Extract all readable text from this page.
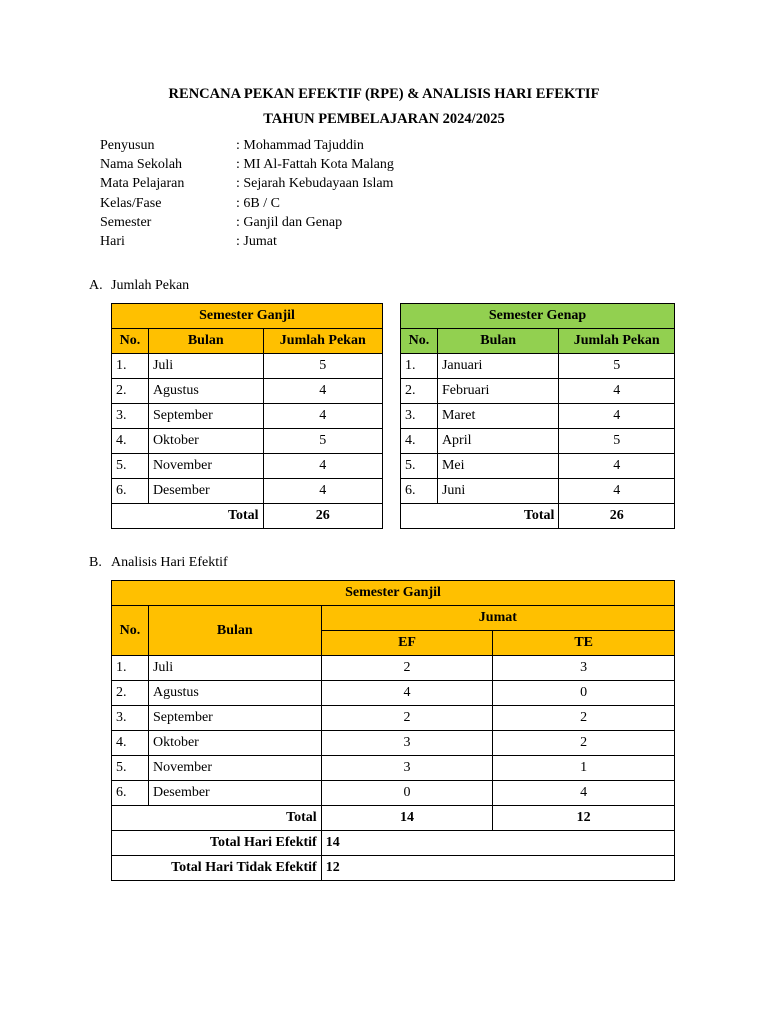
RENCANA PEKAN EFEKTIF (RPE) & ANALISIS HARI EFEKTIF
TAHUN PEMBELAJARAN 2024/2025
Penyusun	: Mohammad Tajuddin
Nama Sekolah	: MI Al-Fattah Kota Malang
Mata Pelajaran	: Sejarah Kebudayaan Islam
Kelas/Fase	: 6B / C
Semester	: Ganjil dan Genap
Hari	: Jumat
A. Jumlah Pekan
Semester Ganjil		
No.	Bulan	Jumlah Pekan
1.	Juli	5
2.	Agustus	4
3.	September	4
4.	Oktober	5
5.	November	4
6.	Desember	4
Total		26
Semester Genap		
No.	Bulan	Jumlah Pekan
1.	Januari	5
2.	Februari	4
3.	Maret	4
4.	April	5
5.	Mei	4
6.	Juni	4
Total		26
B. Analisis Hari Efektif
Semester Ganjil			
No.	Bulan	Jumat	
		EF	TE
1.	Juli	2	3
2.	Agustus	4	0
3.	September	2	2
4.	Oktober	3	2
5.	November	3	1
6.	Desember	0	4
Total		14	12
Total Hari Efektif		14	
Total Hari Tidak Efektif		12	
